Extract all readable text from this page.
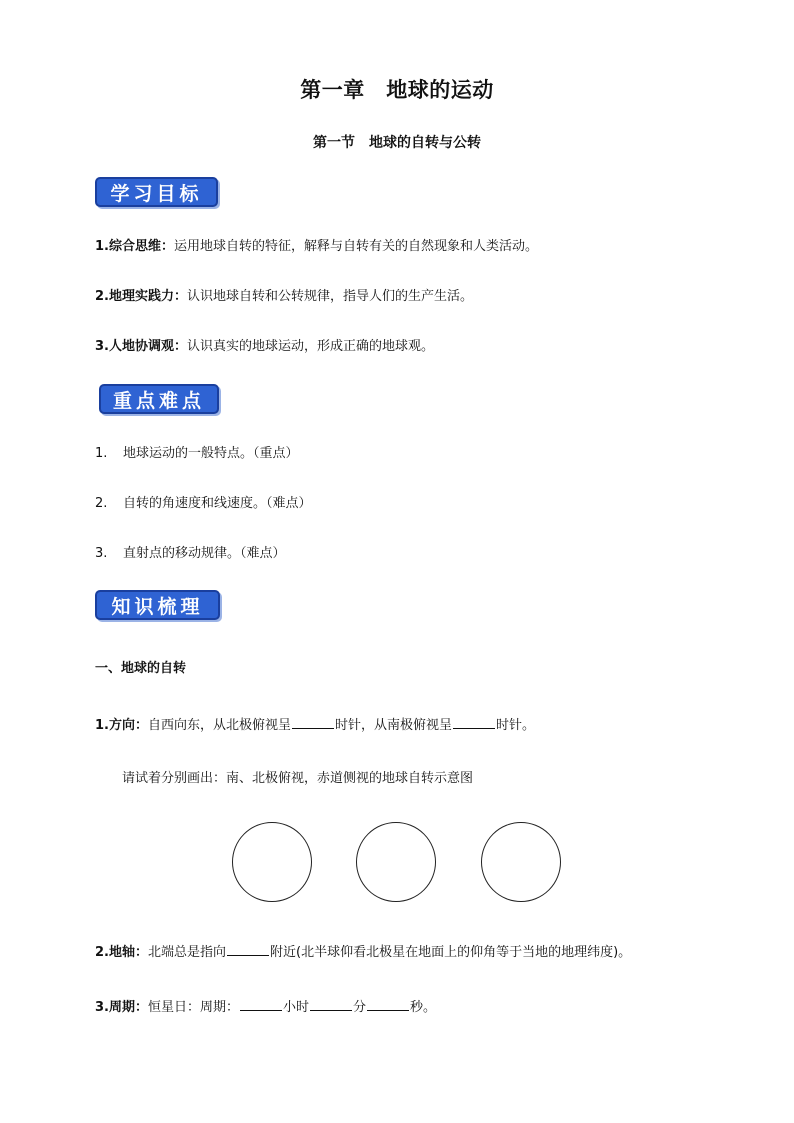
第一章　地球的运动
第一节　地球的自转与公转
学习目标
1.综合思维：运用地球自转的特征，解释与自转有关的自然现象和人类活动。
2.地理实践力：认识地球自转和公转规律，指导人们的生产生活。
3.人地协调观：认识真实的地球运动，形成正确的地球观。
重点难点
1. 地球运动的一般特点。（重点）
2. 自转的角速度和线速度。（难点）
3. 直射点的移动规律。（难点）
知识梳理
一、地球的自转
1.方向：自西向东，从北极俯视呈	时针，从南极俯视呈	时针。
请试着分别画出：南、北极俯视，赤道侧视的地球自转示意图
2.地轴：北端总是指向	附近(北半球仰看北极星在地面上的仰角等于当地的地理纬度)。
3.周期：恒星日：周期：	小时	分	秒。
